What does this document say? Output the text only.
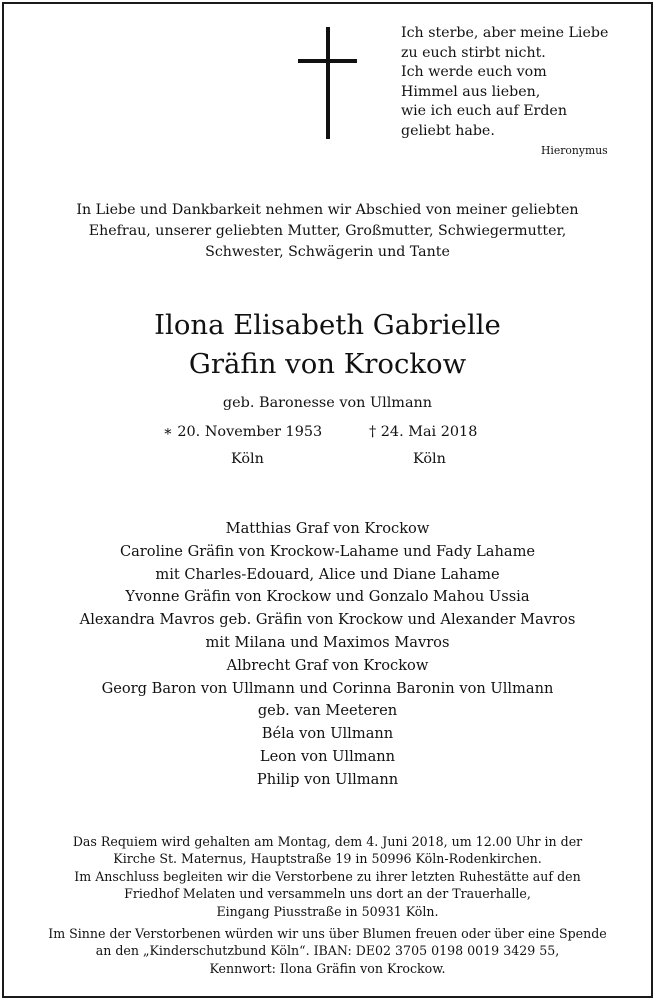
Ich sterbe, aber meine Liebe
zu euch stirbt nicht.
Ich werde euch vom
Himmel aus lieben,
wie ich euch auf Erden
geliebt habe.
Hieronymus
In Liebe und Dankbarkeit nehmen wir Abschied von meiner geliebten
Ehefrau, unserer geliebten Mutter, Großmutter, Schwiegermutter,
Schwester, Schwägerin und Tante
Ilona Elisabeth Gabrielle
Gräfin von Krockow
geb. Baronesse von Ullmann
∗ 20. November 1953	† 24. Mai 2018
Köln	Köln
Matthias Graf von Krockow
Caroline Gräfin von Krockow-Lahame und Fady Lahame
mit Charles-Edouard, Alice und Diane Lahame
Yvonne Gräfin von Krockow und Gonzalo Mahou Ussia
Alexandra Mavros geb. Gräfin von Krockow und Alexander Mavros
mit Milana und Maximos Mavros
Albrecht Graf von Krockow
Georg Baron von Ullmann und Corinna Baronin von Ullmann
geb. van Meeteren
Béla von Ullmann
Leon von Ullmann
Philip von Ullmann
Das Requiem wird gehalten am Montag, dem 4. Juni 2018, um 12.00 Uhr in der
Kirche St. Maternus, Hauptstraße 19 in 50996 Köln-Rodenkirchen.
Im Anschluss begleiten wir die Verstorbene zu ihrer letzten Ruhestätte auf den
Friedhof Melaten und versammeln uns dort an der Trauerhalle,
Eingang Piusstraße in 50931 Köln.
Im Sinne der Verstorbenen würden wir uns über Blumen freuen oder über eine Spende
an den „Kinderschutzbund Köln“. IBAN: DE02 3705 0198 0019 3429 55,
Kennwort: Ilona Gräfin von Krockow.
